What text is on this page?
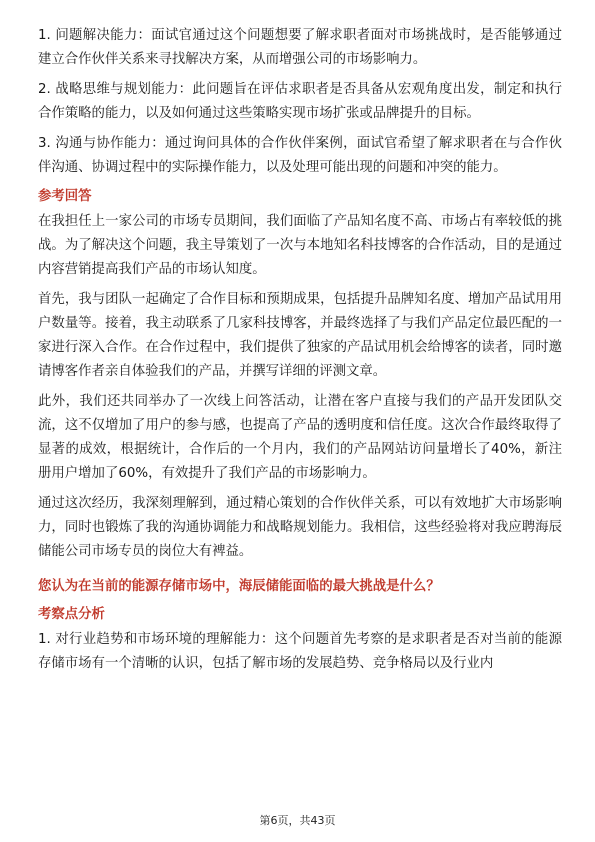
1. 问题解决能力：面试官通过这个问题想要了解求职者面对市场挑战时，是否能够通过建立合作伙伴关系来寻找解决方案，从而增强公司的市场影响力。

2. 战略思维与规划能力：此问题旨在评估求职者是否具备从宏观角度出发，制定和执行合作策略的能力，以及如何通过这些策略实现市场扩张或品牌提升的目标。

3. 沟通与协作能力：通过询问具体的合作伙伴案例，面试官希望了解求职者在与合作伙伴沟通、协调过程中的实际操作能力，以及处理可能出现的问题和冲突的能力。

参考回答

在我担任上一家公司的市场专员期间，我们面临了产品知名度不高、市场占有率较低的挑战。为了解决这个问题，我主导策划了一次与本地知名科技博客的合作活动，目的是通过内容营销提高我们产品的市场认知度。

首先，我与团队一起确定了合作目标和预期成果，包括提升品牌知名度、增加产品试用用户数量等。接着，我主动联系了几家科技博客，并最终选择了与我们产品定位最匹配的一家进行深入合作。在合作过程中，我们提供了独家的产品试用机会给博客的读者，同时邀请博客作者亲自体验我们的产品，并撰写详细的评测文章。

此外，我们还共同举办了一次线上问答活动，让潜在客户直接与我们的产品开发团队交流，这不仅增加了用户的参与感，也提高了产品的透明度和信任度。这次合作最终取得了显著的成效，根据统计，合作后的一个月内，我们的产品网站访问量增长了40%，新注册用户增加了60%，有效提升了我们产品的市场影响力。

通过这次经历，我深刻理解到，通过精心策划的合作伙伴关系，可以有效地扩大市场影响力，同时也锻炼了我的沟通协调能力和战略规划能力。我相信，这些经验将对我应聘海辰储能公司市场专员的岗位大有裨益。

您认为在当前的能源存储市场中，海辰储能面临的最大挑战是什么？
考察点分析

1. 对行业趋势和市场环境的理解能力：这个问题首先考察的是求职者是否对当前的能源存储市场有一个清晰的认识，包括了解市场的发展趋势、竞争格局以及行业内

第6页，共43页
